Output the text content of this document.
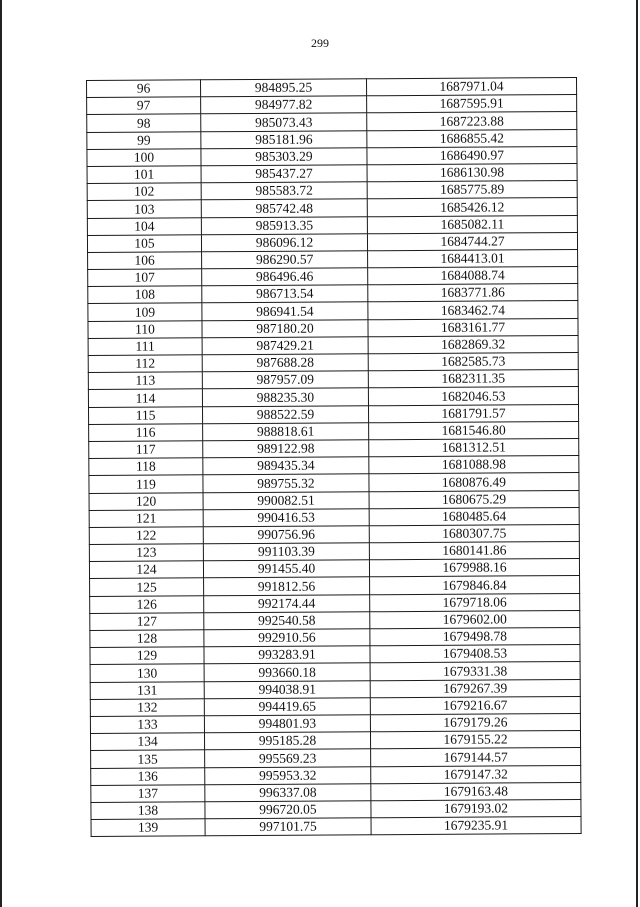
299
96	984895.25	1687971.04
97	984977.82	1687595.91
98	985073.43	1687223.88
99	985181.96	1686855.42
100	985303.29	1686490.97
101	985437.27	1686130.98
102	985583.72	1685775.89
103	985742.48	1685426.12
104	985913.35	1685082.11
105	986096.12	1684744.27
106	986290.57	1684413.01
107	986496.46	1684088.74
108	986713.54	1683771.86
109	986941.54	1683462.74
110	987180.20	1683161.77
111	987429.21	1682869.32
112	987688.28	1682585.73
113	987957.09	1682311.35
114	988235.30	1682046.53
115	988522.59	1681791.57
116	988818.61	1681546.80
117	989122.98	1681312.51
118	989435.34	1681088.98
119	989755.32	1680876.49
120	990082.51	1680675.29
121	990416.53	1680485.64
122	990756.96	1680307.75
123	991103.39	1680141.86
124	991455.40	1679988.16
125	991812.56	1679846.84
126	992174.44	1679718.06
127	992540.58	1679602.00
128	992910.56	1679498.78
129	993283.91	1679408.53
130	993660.18	1679331.38
131	994038.91	1679267.39
132	994419.65	1679216.67
133	994801.93	1679179.26
134	995185.28	1679155.22
135	995569.23	1679144.57
136	995953.32	1679147.32
137	996337.08	1679163.48
138	996720.05	1679193.02
139	997101.75	1679235.91
